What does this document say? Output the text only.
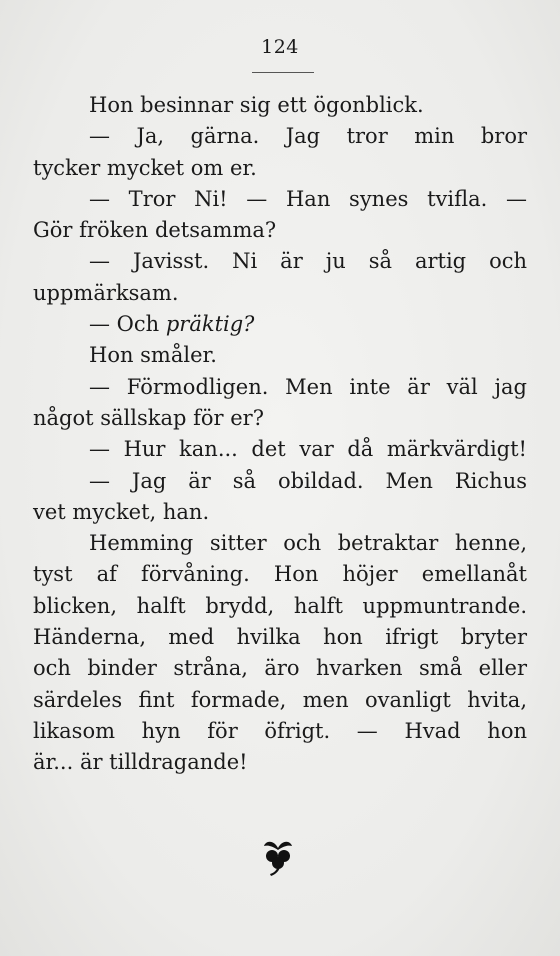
124
Hon besinnar sig ett ögonblick.
— Ja, gärna. Jag tror min bror
tycker mycket om er.
— Tror Ni! — Han synes tvifla. —
Gör fröken detsamma?
— Javisst. Ni är ju så artig och
uppmärksam.
— Och präktig?
Hon småler.
— Förmodligen. Men inte är väl jag
något sällskap för er?
— Hur kan... det var då märkvärdigt!
— Jag är så obildad. Men Richus
vet mycket, han.
Hemming sitter och betraktar henne,
tyst af förvåning. Hon höjer emellanåt
blicken, halft brydd, halft uppmuntrande.
Händerna, med hvilka hon ifrigt bryter
och binder stråna, äro hvarken små eller
särdeles fint formade, men ovanligt hvita,
likasom hyn för öfrigt. — Hvad hon
är... är tilldragande!
